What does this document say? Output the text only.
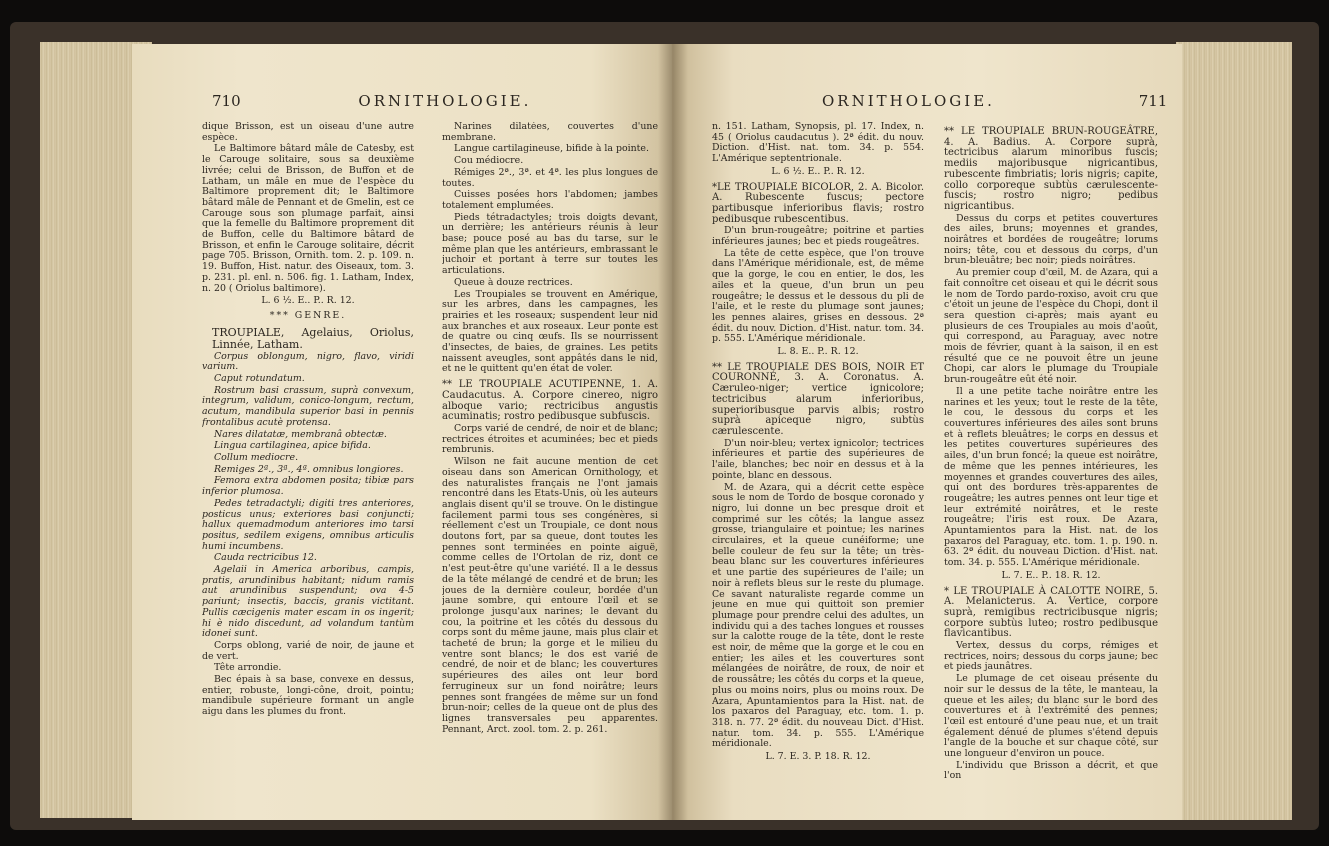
710	ORNITHOLOGIE.

dique Brisson, est un oiseau d'une autre espèce.

Le Baltimore bâtard mâle de Catesby, est le Carouge solitaire, sous sa deuxième livrée; celui de Brisson, de Buffon et de Latham, un mâle en mue de l'espèce du Baltimore proprement dit; le Baltimore bâtard mâle de Pennant et de Gmelin, est ce Carouge sous son plumage parfait, ainsi que la femelle du Baltimore proprement dit de Buffon, celle du Baltimore bâtard de Brisson, et enfin le Carouge solitaire, décrit page 705. Brisson, Ornith. tom. 2. p. 109. n. 19. Buffon, Hist. natur. des Oiseaux, tom. 3. p. 231. pl. enl. n. 506. fig. 1. Latham, Index, n. 20 ( Oriolus baltimore).

L. 6 ½. E.. P.. R. 12.

*** GENRE.

TROUPIALE, Agelaius, Oriolus, Linnée, Latham.

Corpus oblongum, nigro, flavo, viridi varium.

Caput rotundatum.

Rostrum basi crassum, suprà convexum, integrum, validum, conico-longum, rectum, acutum, mandibula superior basi in pennis frontalibus acutè protensa.

Nares dilatatæ, membranâ obtectæ.

Lingua cartilaginea, apice bifida.

Collum mediocre.

Remiges 2ª., 3ª., 4ª. omnibus longiores.

Femora extra abdomen posita; tibiæ pars inferior plumosa.

Pedes tetradactyli; digiti tres anteriores, posticus unus; exteriores basi conjuncti; hallux quemadmodum anteriores imo tarsi positus, sedilem exigens, omnibus articulis humi incumbens.

Cauda rectricibus 12.

Agelaii in America arboribus, campis, pratis, arundinibus habitant; nidum ramis aut arundinibus suspendunt; ova 4-5 pariunt; insectis, baccis, granis victitant. Pullis cæcigenis mater escam in os ingerit; hi è nido discedunt, ad volandum tantùm idonei sunt.

Corps oblong, varié de noir, de jaune et de vert.

Tête arrondie.

Bec épais à sa base, convexe en dessus, entier, robuste, longi-cône, droit, pointu; mandibule supérieure formant un angle aigu dans les plumes du front.

Narines dilatées, couvertes d'une membrane.

Langue cartilagineuse, bifide à la pointe.

Cou médiocre.

Rémiges 2ª., 3ª. et 4ª. les plus longues de toutes.

Cuisses posées hors l'abdomen; jambes totalement emplumées.

Pieds tétradactyles; trois doigts devant, un derrière; les antérieurs réunis à leur base; pouce posé au bas du tarse, sur le même plan que les antérieurs, embrassant le juchoir et portant à terre sur toutes les articulations.

Queue à douze rectrices.

Les Troupiales se trouvent en Amérique, sur les arbres, dans les campagnes, les prairies et les roseaux; suspendent leur nid aux branches et aux roseaux. Leur ponte est de quatre ou cinq œufs. Ils se nourrissent d'insectes, de baies, de graines. Les petits naissent aveugles, sont appâtés dans le nid, et ne le quittent qu'en état de voler.

** LE TROUPIALE ACUTIPENNE, 1. A. Caudacutus. A. Corpore cinereo, nigro alboque vario; rectricibus angustis acuminatis; rostro pedibusque subfuscis.

Corps varié de cendré, de noir et de blanc; rectrices étroites et acuminées; bec et pieds rembrunis.

Wilson ne fait aucune mention de cet oiseau dans son American Ornithology, et des naturalistes français ne l'ont jamais rencontré dans les Etats-Unis, où les auteurs anglais disent qu'il se trouve. On le distingue facilement parmi tous ses congénères, si réellement c'est un Troupiale, ce dont nous doutons fort, par sa queue, dont toutes les pennes sont terminées en pointe aiguë, comme celles de l'Ortolan de riz, dont ce n'est peut-être qu'une variété. Il a le dessus de la tête mélangé de cendré et de brun; les joues de la dernière couleur, bordée d'un jaune sombre, qui entoure l'œil et se prolonge jusqu'aux narines; le devant du cou, la poitrine et les côtés du dessous du corps sont du même jaune, mais plus clair et tacheté de brun; la gorge et le milieu du ventre sont blancs; le dos est varié de cendré, de noir et de blanc; les couvertures supérieures des ailes ont leur bord ferrugineux sur un fond noirâtre; leurs pennes sont frangées de même sur un fond brun-noir; celles de la queue ont de plus des lignes transversales peu apparentes. Pennant, Arct. zool. tom. 2. p. 261.

ORNITHOLOGIE.	711

n. 151. Latham, Synopsis, pl. 17. Index, n. 45 ( Oriolus caudacutus ). 2ª édit. du nouv. Diction. d'Hist. nat. tom. 34. p. 554. L'Amérique septentrionale.

L. 6 ½. E.. P.. R. 12.

*LE TROUPIALE BICOLOR, 2. A. Bicolor. A. Rubescente fuscus; pectore partibusque inferioribus flavis; rostro pedibusque rubescentibus.

D'un brun-rougeâtre; poitrine et parties inférieures jaunes; bec et pieds rougeâtres.

La tête de cette espèce, que l'on trouve dans l'Amérique méridionale, est, de même que la gorge, le cou en entier, le dos, les ailes et la queue, d'un brun un peu rougeâtre; le dessus et le dessous du pli de l'aile, et le reste du plumage sont jaunes; les pennes alaires, grises en dessous. 2ª édit. du nouv. Diction. d'Hist. natur. tom. 34. p. 555. L'Amérique méridionale.

L. 8. E.. P.. R. 12.

** LE TROUPIALE DES BOIS, NOIR ET COURONNÉ, 3. A. Coronatus. A. Cæruleo-niger; vertice ignicolore; tectricibus alarum inferioribus, superioribusque parvis albis; rostro suprà apiceque nigro, subtùs cærulescente.

D'un noir-bleu; vertex ignicolor; tectrices inférieures et partie des supérieures de l'aile, blanches; bec noir en dessus et à la pointe, blanc en dessous.

M. de Azara, qui a décrit cette espèce sous le nom de Tordo de bosque coronado y nigro, lui donne un bec presque droit et comprimé sur les côtés; la langue assez grosse, triangulaire et pointue; les narines circulaires, et la queue cunéiforme; une belle couleur de feu sur la tête; un très-beau blanc sur les couvertures inférieures et une partie des supérieures de l'aile; un noir à reflets bleus sur le reste du plumage. Ce savant naturaliste regarde comme un jeune en mue qui quittoit son premier plumage pour prendre celui des adultes, un individu qui a des taches longues et rousses sur la calotte rouge de la tête, dont le reste est noir, de même que la gorge et le cou en entier; les ailes et les couvertures sont mélangées de noirâtre, de roux, de noir et de roussâtre; les côtés du corps et la queue, plus ou moins noirs, plus ou moins roux. De Azara, Apuntamientos para la Hist. nat. de los paxaros del Paraguay, etc. tom. 1. p. 318. n. 77. 2ª édit. du nouveau Dict. d'Hist. natur. tom. 34. p. 555. L'Amérique méridionale.

L. 7. E. 3. P. 18. R. 12.

** LE TROUPIALE BRUN-ROUGEÂTRE, 4. A. Badius. A. Corpore suprà, tectricibus alarum minoribus fuscis; mediis majoribusque nigricantibus, rubescente fimbriatis; loris nigris; capite, collo corporeque subtùs cærulescente-fuscis; rostro nigro; pedibus nigricantibus.

Dessus du corps et petites couvertures des ailes, bruns; moyennes et grandes, noirâtres et bordées de rougeâtre; lorums noirs; tête, cou et dessous du corps, d'un brun-bleuâtre; bec noir; pieds noirâtres.

Au premier coup d'œil, M. de Azara, qui a fait connoître cet oiseau et qui le décrit sous le nom de Tordo pardo-roxiso, avoit cru que c'étoit un jeune de l'espèce du Chopi, dont il sera question ci-après; mais ayant eu plusieurs de ces Troupiales au mois d'août, qui correspond, au Paraguay, avec notre mois de février, quant à la saison, il en est résulté que ce ne pouvoit être un jeune Chopi, car alors le plumage du Troupiale brun-rougeâtre eût été noir.

Il a une petite tache noirâtre entre les narines et les yeux; tout le reste de la tête, le cou, le dessous du corps et les couvertures inférieures des ailes sont bruns et à reflets bleuâtres; le corps en dessus et les petites couvertures supérieures des ailes, d'un brun foncé; la queue est noirâtre, de même que les pennes intérieures, les moyennes et grandes couvertures des ailes, qui ont des bordures très-apparentes de rougeâtre; les autres pennes ont leur tige et leur extrémité noirâtres, et le reste rougeâtre; l'iris est roux. De Azara, Apuntamientos para la Hist. nat. de los paxaros del Paraguay, etc. tom. 1. p. 190. n. 63. 2ª édit. du nouveau Diction. d'Hist. nat. tom. 34. p. 555. L'Amérique méridionale.

L. 7. E.. P.. 18. R. 12.

* LE TROUPIALE À CALOTTE NOIRE, 5. A. Melanicterus. A. Vertice, corpore suprà, remigibus rectricibusque nigris; corpore subtùs luteo; rostro pedibusque flavicantibus.

Vertex, dessus du corps, rémiges et rectrices, noirs; dessous du corps jaune; bec et pieds jaunâtres.

Le plumage de cet oiseau présente du noir sur le dessus de la tête, le manteau, la queue et les ailes; du blanc sur le bord des couvertures et à l'extrémité des pennes; l'œil est entouré d'une peau nue, et un trait également dénué de plumes s'étend depuis l'angle de la bouche et sur chaque côté, sur une longueur d'environ un pouce.

L'individu que Brisson a décrit, et que l'on
